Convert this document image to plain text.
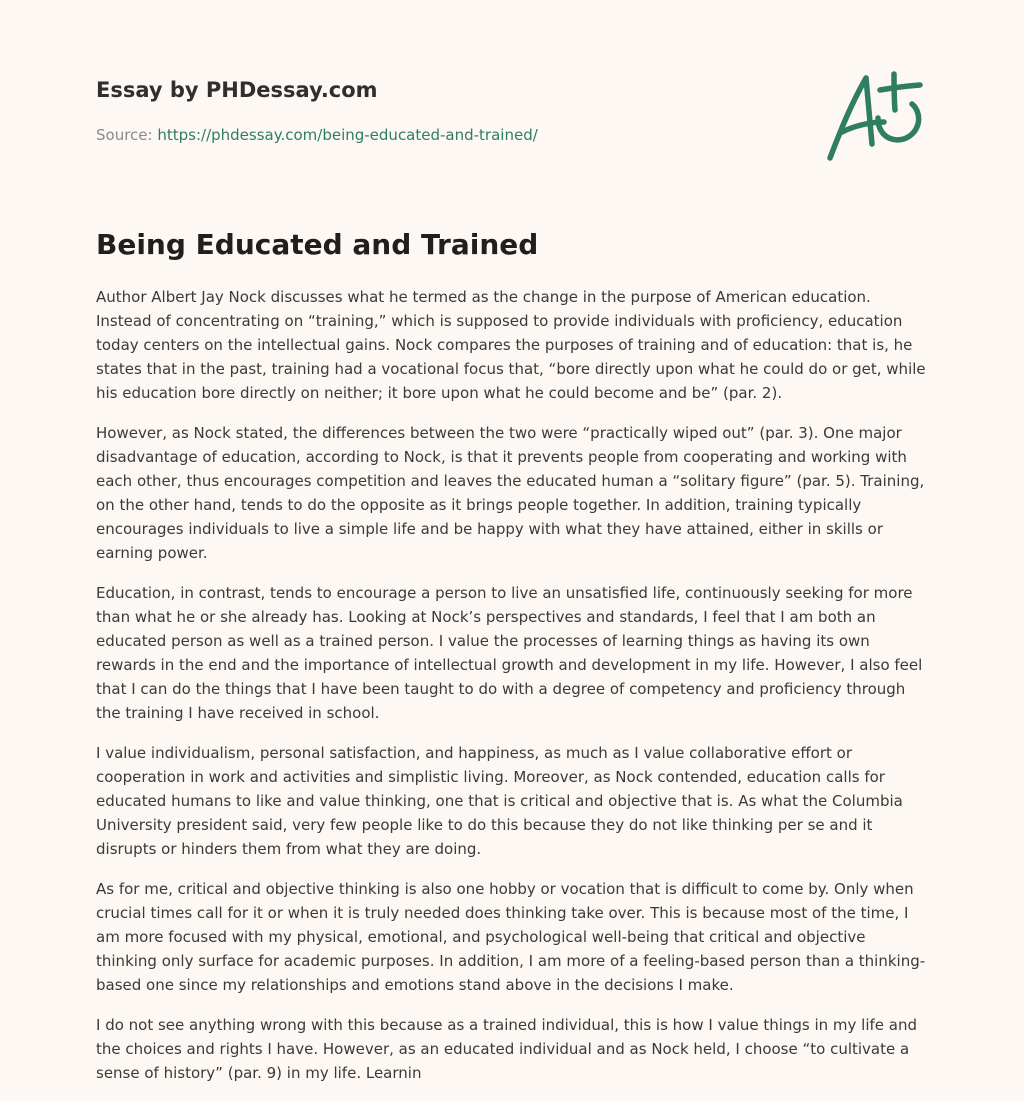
Essay by PHDessay.com
Source: https://phdessay.com/being-educated-and-trained/
Being Educated and Trained

Author Albert Jay Nock discusses what he termed as the change in the purpose of American education. Instead of concentrating on “training,” which is supposed to provide individuals with proficiency, education today centers on the intellectual gains. Nock compares the purposes of training and of education: that is, he states that in the past, training had a vocational focus that, “bore directly upon what he could do or get, while his education bore directly on neither; it bore upon what he could become and be” (par. 2).

However, as Nock stated, the differences between the two were “practically wiped out” (par. 3). One major disadvantage of education, according to Nock, is that it prevents people from cooperating and working with each other, thus encourages competition and leaves the educated human a “solitary figure” (par. 5). Training, on the other hand, tends to do the opposite as it brings people together. In addition, training typically encourages individuals to live a simple life and be happy with what they have attained, either in skills or earning power.

Education, in contrast, tends to encourage a person to live an unsatisfied life, continuously seeking for more than what he or she already has. Looking at Nock’s perspectives and standards, I feel that I am both an educated person as well as a trained person. I value the processes of learning things as having its own rewards in the end and the importance of intellectual growth and development in my life. However, I also feel that I can do the things that I have been taught to do with a degree of competency and proficiency through the training I have received in school.

I value individualism, personal satisfaction, and happiness, as much as I value collaborative effort or cooperation in work and activities and simplistic living. Moreover, as Nock contended, education calls for educated humans to like and value thinking, one that is critical and objective that is. As what the Columbia University president said, very few people like to do this because they do not like thinking per se and it disrupts or hinders them from what they are doing.

As for me, critical and objective thinking is also one hobby or vocation that is difficult to come by. Only when crucial times call for it or when it is truly needed does thinking take over. This is because most of the time, I am more focused with my physical, emotional, and psychological well-being that critical and objective thinking only surface for academic purposes. In addition, I am more of a feeling-based person than a thinking-based one since my relationships and emotions stand above in the decisions I make.

I do not see anything wrong with this because as a trained individual, this is how I value things in my life and the choices and rights I have. However, as an educated individual and as Nock held, I choose “to cultivate a sense of history” (par. 9) in my life. Learnin
